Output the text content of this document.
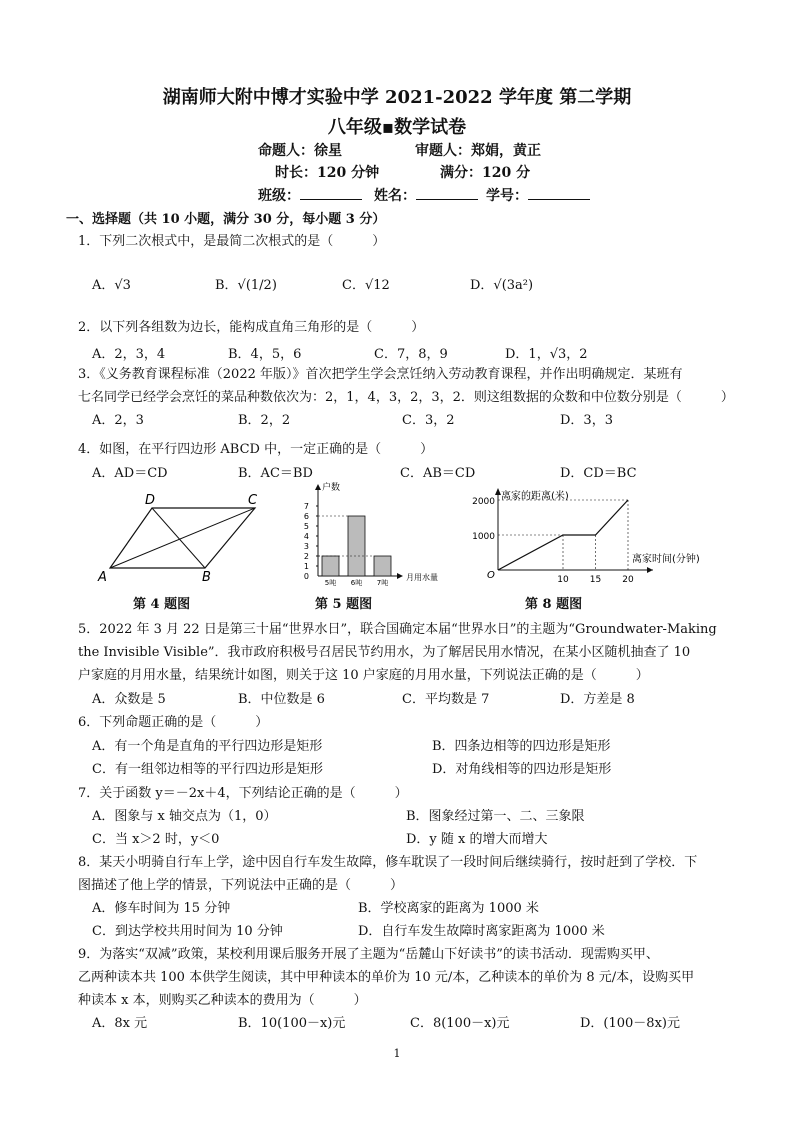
湖南师大附中博才实验中学 2021-2022 学年度 第二学期
八年级▪数学试卷
命题人：徐星	审题人：郑娟，黄正
时长：120 分钟	满分：120 分
班级：	姓名：	学号：
一、选择题（共 10 小题，满分 30 分，每小题 3 分）
1．下列二次根式中，是最简二次根式的是（　　　）
A．√3	B．√(1/2)	C．√12	D．√(3a²)
2．以下列各组数为边长，能构成直角三角形的是（　　　）
A．2，3，4	B．4，5，6	C．7，8，9	D．1，√3，2
3．《义务教育课程标准（2022 年版）》首次把学生学会烹饪纳入劳动教育课程，并作出明确规定．某班有
七名同学已经学会烹饪的菜品种数依次为：2，1，4，3，2，3，2．则这组数据的众数和中位数分别是（　　　）
A．2，3	B．2，2	C．3，2	D．3，3
4．如图，在平行四边形 ABCD 中，一定正确的是（　　　）
A．AD＝CD	B．AC＝BD	C．AB＝CD	D．CD＝BC
D	C
A	B
第 4 题图
户数
月用水量
0
1
2
3
4
5
6
7
5吨 6吨 7吨
第 5 题图
离家的距离(米)
离家时间(分钟)
O
1000
2000
10 15 20
第 8 题图
5．2022 年 3 月 22 日是第三十届“世界水日”，联合国确定本届“世界水日”的主题为“Groundwater-Making
the Invisible Visible”．我市政府积极号召居民节约用水，为了解居民用水情况，在某小区随机抽查了 10
户家庭的月用水量，结果统计如图，则关于这 10 户家庭的月用水量，下列说法正确的是（　　　）
A．众数是 5	B．中位数是 6	C．平均数是 7	D．方差是 8
6．下列命题正确的是（　　　）
A．有一个角是直角的平行四边形是矩形	B．四条边相等的四边形是矩形
C．有一组邻边相等的平行四边形是矩形	D．对角线相等的四边形是矩形
7．关于函数 y＝－2x＋4，下列结论正确的是（　　　）
A．图象与 x 轴交点为（1，0）	B．图象经过第一、二、三象限
C．当 x＞2 时，y＜0	D．y 随 x 的增大而增大
8．某天小明骑自行车上学，途中因自行车发生故障，修车耽误了一段时间后继续骑行，按时赶到了学校．下
图描述了他上学的情景，下列说法中正确的是（　　　）
A．修车时间为 15 分钟	B．学校离家的距离为 1000 米
C．到达学校共用时间为 10 分钟	D．自行车发生故障时离家距离为 1000 米
9．为落实“双减”政策，某校利用课后服务开展了主题为“岳麓山下好读书”的读书活动．现需购买甲、
乙两种读本共 100 本供学生阅读，其中甲种读本的单价为 10 元/本，乙种读本的单价为 8 元/本，设购买甲
种读本 x 本，则购买乙种读本的费用为（　　　）
A．8x 元	B．10(100－x)元	C．8(100－x)元	D．(100－8x)元
1
